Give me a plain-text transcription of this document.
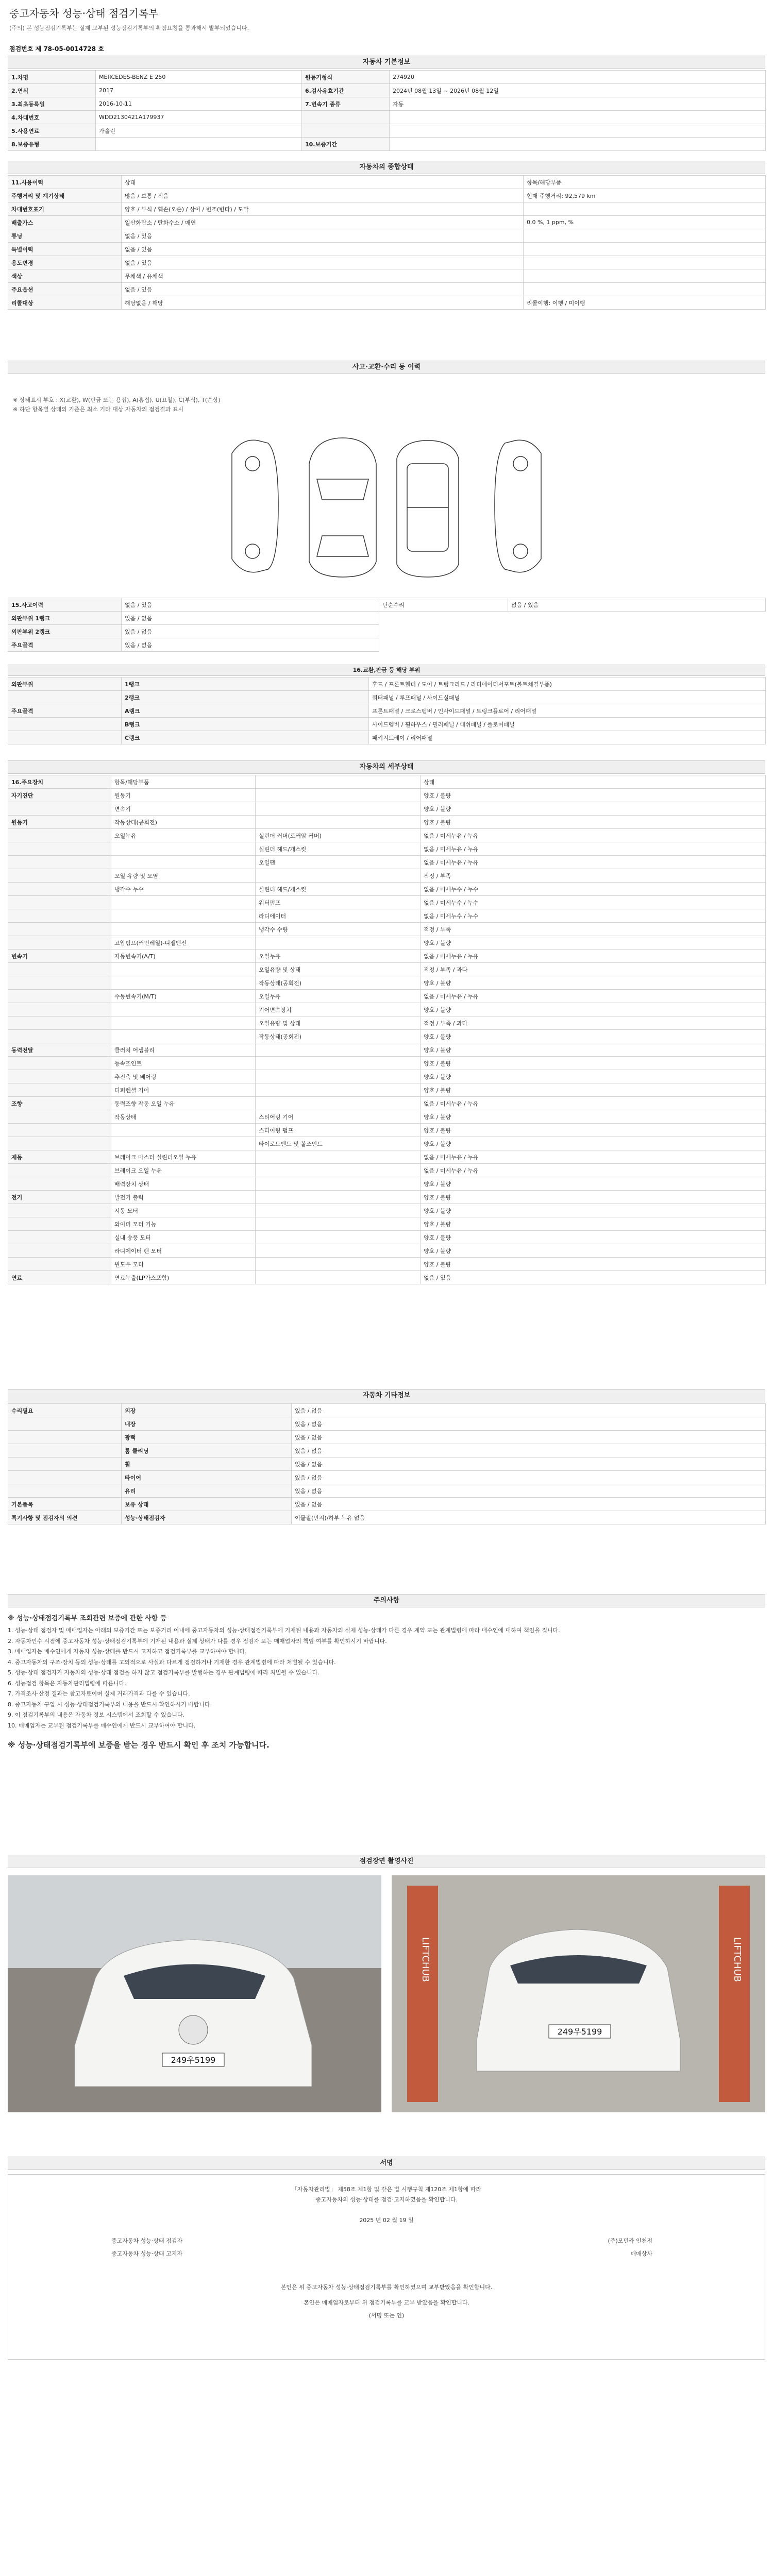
중고자동차 성능·상태 점검기록부
(주의) 본 성능점검기록부는 실제 교부된 성능점검기록부의 확점요청을 통과해서 발부되었습니다.
점검번호 제 78-05-0014728 호
자동차 기본정보
1.차명	MERCEDES-BENZ E 250	원동기형식	274920
2.연식	2017	6.검사유효기간	2024년 08월 13일 ~ 2026년 08월 12일
3.최초등록일	2016-10-11	7.변속기 종류	자동
4.차대번호	WDD2130421A179937		
5.사용연료	가솔린		
8.보증유형		10.보증기간	
자동차의 종합상태
11.사용이력	상태	항목/해당부품
주행거리 및 계기상태	많음 / 보통 / 적음	현재 주행거리: 92,579 km
차대번호표기	양호 / 부식 / 훼손(오손) / 상이 / 변조(변타) / 도말	
배출가스	일산화탄소 / 탄화수소 / 매연	0.0 %, 1 ppm, %
튜닝	없음 / 있음	
특별이력	없음 / 있음	
용도변경	없음 / 있음	
색상	무채색 / 유채색	
주요옵션	없음 / 있음	
리콜대상	해당없음 / 해당	리콜이행: 이행 / 미이행
사고·교환·수리 등 이력
※ 상태표시 부호 : X(교환), W(판금 또는 용접), A(흠집), U(요철), C(부식), T(손상)
※ 하단 항목별 상태의 기준은 최소 기타 대상 자동차의 점검결과 표시
15.사고이력	없음 / 있음	단순수리	없음 / 있음
외판부위 1랭크	있음 / 없음		
외판부위 2랭크	있음 / 없음		
주요골격	있음 / 없음		
16.교환,판금 등 해당 부위
외판부위	1랭크	후드 / 프론트휀더 / 도어 / 트렁크리드 / 라디에이터서포트(볼트체결부품)
	2랭크	쿼터패널 / 루프패널 / 사이드실패널
주요골격	A랭크	프론트패널 / 크로스멤버 / 인사이드패널 / 트렁크플로어 / 리어패널
	B랭크	사이드멤버 / 휠하우스 / 필러패널 / 대쉬패널 / 플로어패널
	C랭크	패키지트레이 / 리어패널
자동차의 세부상태
16.주요장치	항목/해당부품		상태
자기진단	원동기		양호 / 불량
	변속기		양호 / 불량
원동기	작동상태(공회전)		양호 / 불량
	오일누유	실린더 커버(로커암 커버)	없음 / 미세누유 / 누유
		실린더 헤드/개스킷	없음 / 미세누유 / 누유
		오일팬	없음 / 미세누유 / 누유
	오일 유량 및 오염		적정 / 부족
	냉각수 누수	실린더 헤드/개스킷	없음 / 미세누수 / 누수
		워터펌프	없음 / 미세누수 / 누수
		라디에이터	없음 / 미세누수 / 누수
		냉각수 수량	적정 / 부족
	고압펌프(커먼레일)-디젤엔진		양호 / 불량
변속기	자동변속기(A/T)	오일누유	없음 / 미세누유 / 누유
		오일유량 및 상태	적정 / 부족 / 과다
		작동상태(공회전)	양호 / 불량
	수동변속기(M/T)	오일누유	없음 / 미세누유 / 누유
		기어변속장치	양호 / 불량
		오일유량 및 상태	적정 / 부족 / 과다
		작동상태(공회전)	양호 / 불량
동력전달	클러치 어셈블리		양호 / 불량
	등속조인트		양호 / 불량
	추진축 및 베어링		양호 / 불량
	디퍼렌셜 기어		양호 / 불량
조향	동력조향 작동 오일 누유		없음 / 미세누유 / 누유
	작동상태	스티어링 기어	양호 / 불량
		스티어링 펌프	양호 / 불량
		타이로드엔드 및 볼조인트	양호 / 불량
제동	브레이크 마스터 실린더오일 누유		없음 / 미세누유 / 누유
	브레이크 오일 누유		없음 / 미세누유 / 누유
	배력장치 상태		양호 / 불량
전기	발전기 출력		양호 / 불량
	시동 모터		양호 / 불량
	와이퍼 모터 기능		양호 / 불량
	실내 송풍 모터		양호 / 불량
	라디에이터 팬 모터		양호 / 불량
	윈도우 모터		양호 / 불량
연료	연료누출(LP가스포함)		없음 / 있음
자동차 기타정보
수리필요	외장	있음 / 없음
	내장	있음 / 없음
	광택	있음 / 없음
	룸 클리닝	있음 / 없음
	휠	있음 / 없음
	타이어	있음 / 없음
	유리	있음 / 없음
기본품목	보유 상태	있음 / 없음
특기사항 및 점검자의 의견	성능·상태점검자	이물질(먼지)/하부 누유 없음
주의사항
※ 성능·상태점검기록부 조회관련 보증에 관한 사항 등

1. 성능·상태 점검자 및 매매업자는 아래의 보증기간 또는 보증거리 이내에 중고자동차의 성능·상태점검기록부에 기재된 내용과 자동차의 실제 성능·상태가 다른 경우 계약 또는 관계법령에 따라 매수인에 대하여 책임을 집니다.

2. 자동차인수 시점에 중고자동차 성능·상태점검기록부에 기재된 내용과 실제 상태가 다를 경우 점검자 또는 매매업자의 책임 여부를 확인하시기 바랍니다.

3. 매매업자는 매수인에게 자동차 성능·상태를 반드시 고지하고 점검기록부를 교부하여야 합니다.

4. 중고자동차의 구조·장치 등의 성능·상태를 고의적으로 사실과 다르게 점검하거나 기재한 경우 관계법령에 따라 처벌될 수 있습니다.

5. 성능·상태 점검자가 자동차의 성능·상태 점검을 하지 않고 점검기록부를 발행하는 경우 관계법령에 따라 처벌될 수 있습니다.

6. 성능점검 항목은 자동차관리법령에 따릅니다.

7. 가격조사·산정 결과는 참고자료이며 실제 거래가격과 다를 수 있습니다.

8. 중고자동차 구입 시 성능·상태점검기록부의 내용을 반드시 확인하시기 바랍니다.

9. 이 점검기록부의 내용은 자동차 정보 시스템에서 조회할 수 있습니다.

10. 매매업자는 교부된 점검기록부를 매수인에게 반드시 교부하여야 합니다.

※ 성능·상태점검기록부에 보증을 받는 경우 반드시 확인 후 조치 가능합니다.
점검장면 촬영사진
249우5199
LIFTCHUB	LIFTCHUB
249우5199
서명
「자동차관리법」 제58조 제1항 및 같은 법 시행규칙 제120조 제1항에 따라
중고자동차의 성능·상태를 점검·고지하였음을 확인합니다.
2025 년 02 월 19 일
중고자동차 성능·상태 점검자	(주)모던카 인천점
중고자동차 성능·상태 고지자	매매상사
본인은 위 중고자동차 성능·상태점검기록부를 확인하였으며 교부받았음을 확인합니다.
본인은 매매업자로부터 위 점검기록부를 교부 받았음을 확인합니다.
(서명 또는 인)
